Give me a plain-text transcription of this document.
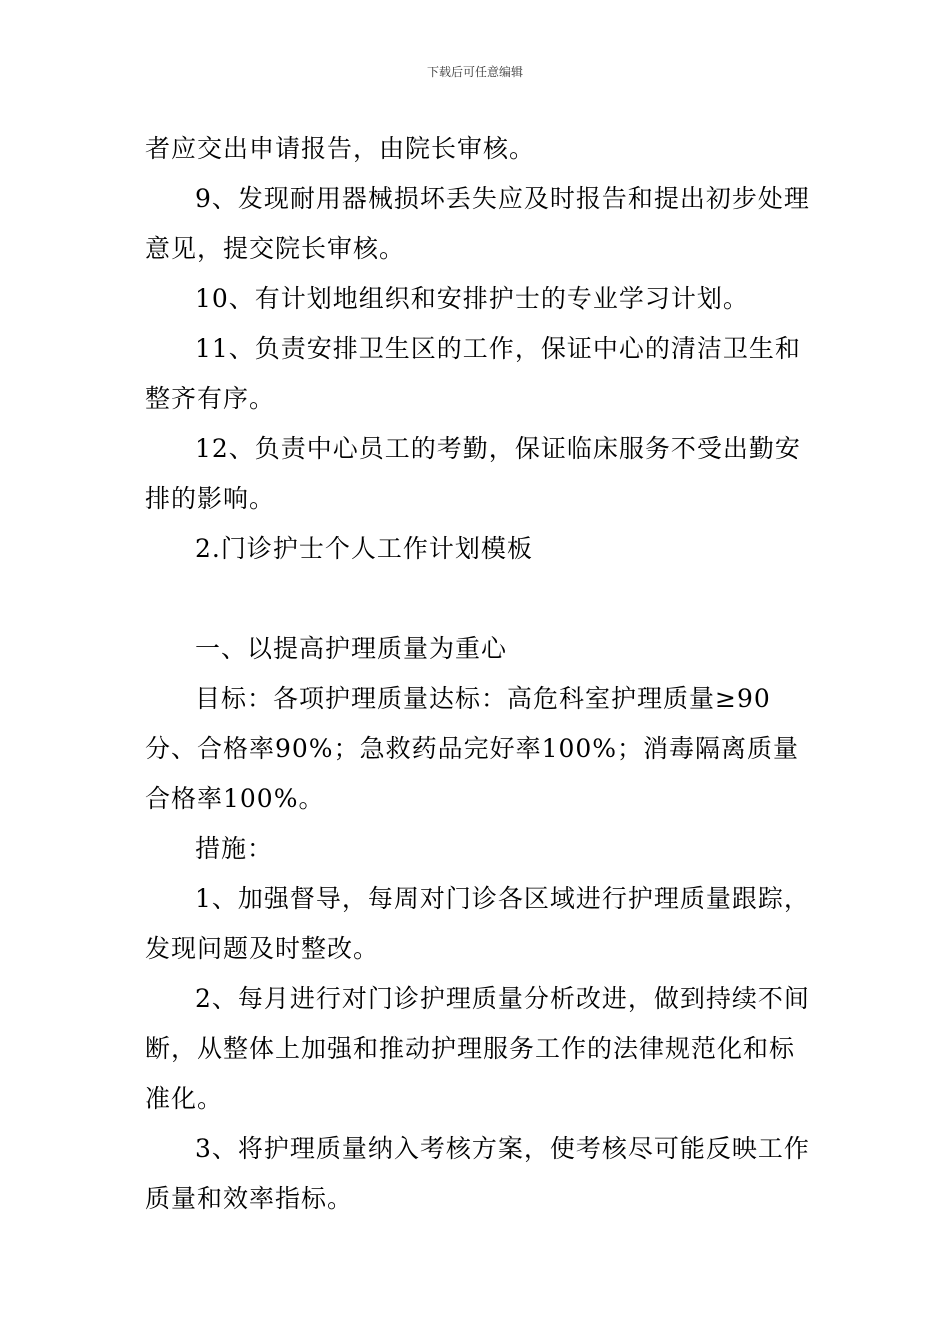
下载后可任意编辑

者应交出申请报告，由院长审核。

9、发现耐用器械损坏丢失应及时报告和提出初步处理意见，提交院长审核。

10、有计划地组织和安排护士的专业学习计划。

11、负责安排卫生区的工作，保证中心的清洁卫生和整齐有序。

12、负责中心员工的考勤，保证临床服务不受出勤安排的影响。

2.门诊护士个人工作计划模板

一、以提高护理质量为重心

目标：各项护理质量达标：高危科室护理质量≥90分、合格率90%；急救药品完好率100%；消毒隔离质量合格率100%。

措施：

1、加强督导，每周对门诊各区域进行护理质量跟踪，发现问题及时整改。

2、每月进行对门诊护理质量分析改进，做到持续不间断，从整体上加强和推动护理服务工作的法律规范化和标准化。

3、将护理质量纳入考核方案，使考核尽可能反映工作质量和效率指标。
